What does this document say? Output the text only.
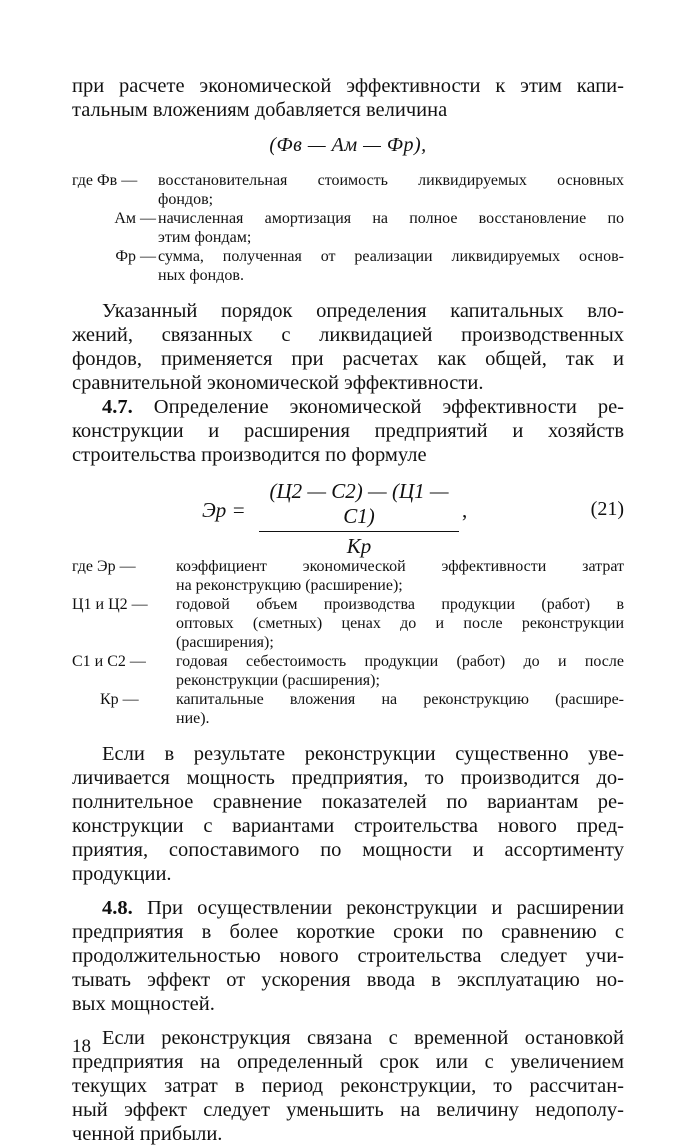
при расчете экономической эффективности к этим капи-

тальным вложениям добавляется величина

(Фв — Ам — Фр),
где Фв —	восстановительная стоимость ликвидируемых основных
фондов;
Ам — начисленная амортизация на полное восстановление по
этим фондам;
Фр — сумма, полученная от реализации ликвидируемых основ-
ных фондов.

Указанный порядок определения капитальных вло-

жений, связанных с ликвидацией производственных

фондов, применяется при расчетах как общей, так и

сравнительной экономической эффективности.

4.7. Определение экономической эффективности ре-

конструкции и расширения предприятий и хозяйств

строительства производится по формуле

Эр =
(Ц2 — С2) — (Ц1 — С1)
Кр
,	(21)
где Эр —	коэффициент экономической эффективности затрат
на реконструкцию (расширение);
Ц1 и Ц2 —	годовой объем производства продукции (работ) в
оптовых (сметных) ценах до и после реконструкции
(расширения);
С1 и С2 —	годовая себестоимость продукции (работ) до и после
реконструкции (расширения);
Кр —	капитальные вложения на реконструкцию (расшире-
ние).

Если в результате реконструкции существенно уве-

личивается мощность предприятия, то производится до-

полнительное сравнение показателей по вариантам ре-

конструкции с вариантами строительства нового пред-

приятия, сопоставимого по мощности и ассортименту

продукции.

4.8. При осуществлении реконструкции и расширении

предприятия в более короткие сроки по сравнению с

продолжительностью нового строительства следует учи-

тывать эффект от ускорения ввода в эксплуатацию но-

вых мощностей.

Если реконструкция связана с временной остановкой

предприятия на определенный срок или с увеличением

текущих затрат в период реконструкции, то рассчитан-

ный эффект следует уменьшить на величину недополу-

ченной прибыли.

18
